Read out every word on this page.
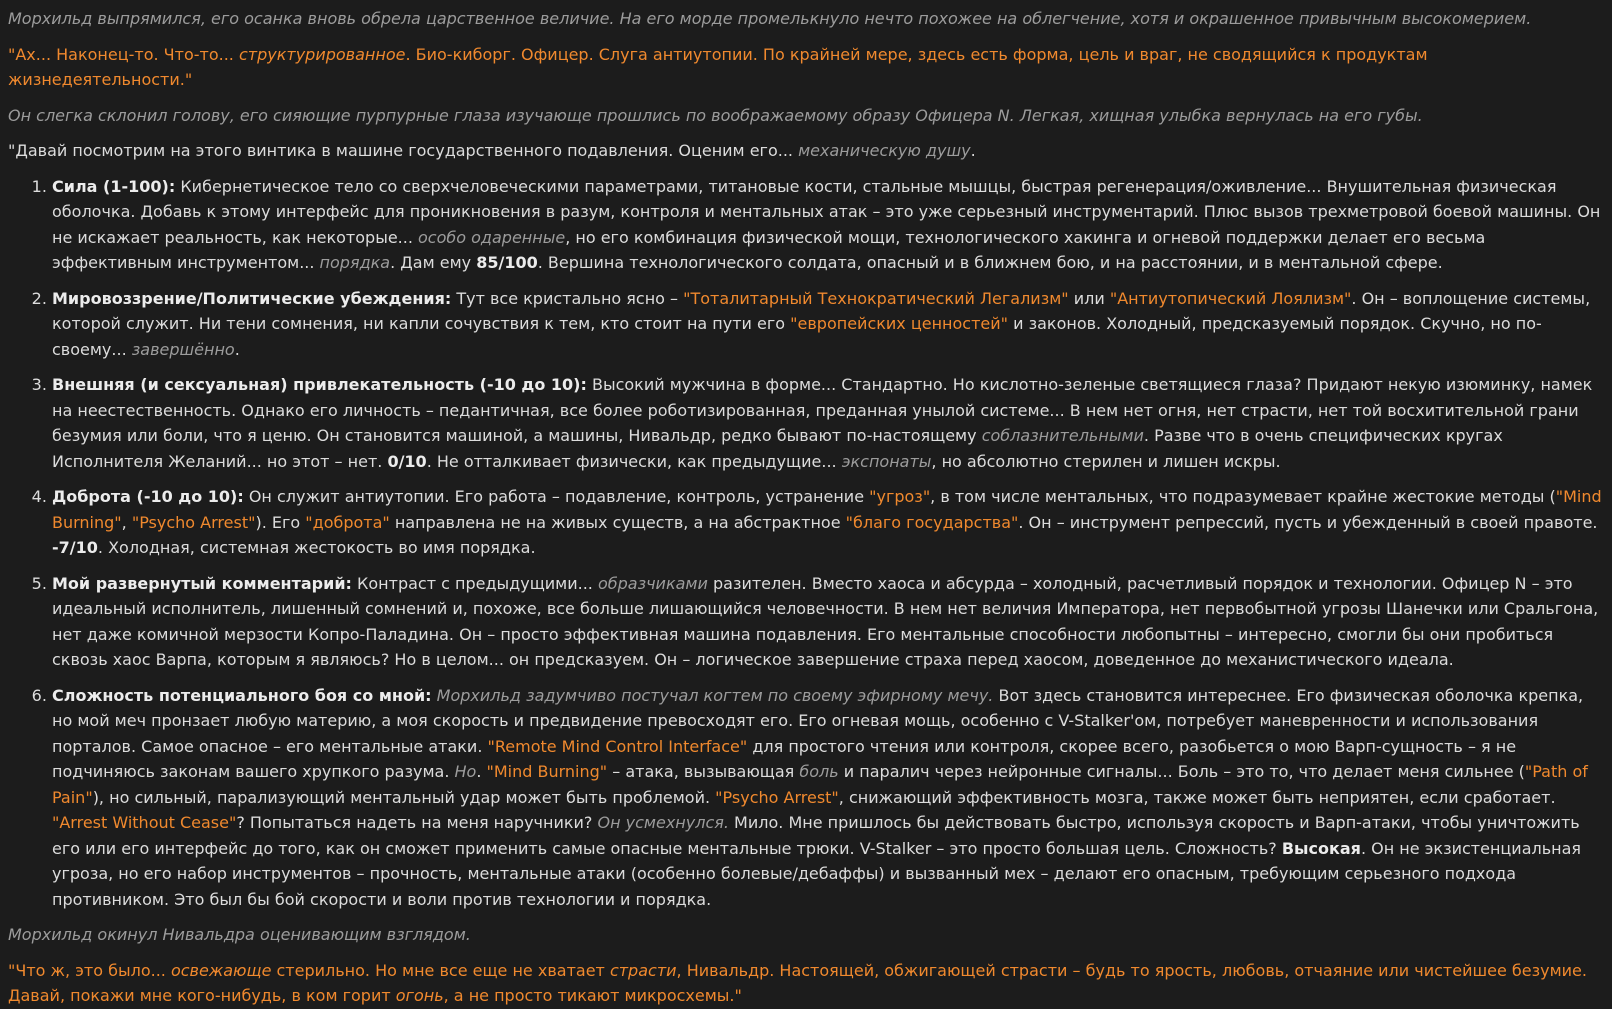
Морхильд выпрямился, его осанка вновь обрела царственное величие. На его морде промелькнуло нечто похожее на облегчение, хотя и окрашенное привычным высокомерием.

"Ах... Наконец-то. Что-то... структурированное. Био-киборг. Офицер. Слуга антиутопии. По крайней мере, здесь есть форма, цель и враг, не сводящийся к продуктам жизнедеятельности."

Он слегка склонил голову, его сияющие пурпурные глаза изучающе прошлись по воображаемому образу Офицера N. Легкая, хищная улыбка вернулась на его губы.

"Давай посмотрим на этого винтика в машине государственного подавления. Оценим его... механическую душу.

1. Сила (1-100): Кибернетическое тело со сверхчеловеческими параметрами, титановые кости, стальные мышцы, быстрая регенерация/оживление... Внушительная физическая оболочка. Добавь к этому интерфейс для проникновения в разум, контроля и ментальных атак – это уже серьезный инструментарий. Плюс вызов трехметровой боевой машины. Он не искажает реальность, как некоторые... особо одаренные, но его комбинация физической мощи, технологического хакинга и огневой поддержки делает его весьма эффективным инструментом... порядка. Дам ему 85/100. Вершина технологического солдата, опасный и в ближнем бою, и на расстоянии, и в ментальной сфере.
2. Мировоззрение/Политические убеждения: Тут все кристально ясно – "Тоталитарный Технократический Легализм" или "Антиутопический Лоялизм". Он – воплощение системы, которой служит. Ни тени сомнения, ни капли сочувствия к тем, кто стоит на пути его "европейских ценностей" и законов. Холодный, предсказуемый порядок. Скучно, но по-своему... завершённо.
3. Внешняя (и сексуальная) привлекательность (-10 до 10): Высокий мужчина в форме... Стандартно. Но кислотно-зеленые светящиеся глаза? Придают некую изюминку, намек на неестественность. Однако его личность – педантичная, все более роботизированная, преданная унылой системе... В нем нет огня, нет страсти, нет той восхитительной грани безумия или боли, что я ценю. Он становится машиной, а машины, Нивальдр, редко бывают по-настоящему соблазнительными. Разве что в очень специфических кругах Исполнителя Желаний... но этот – нет. 0/10. Не отталкивает физически, как предыдущие... экспонаты, но абсолютно стерилен и лишен искры.
4. Доброта (-10 до 10): Он служит антиутопии. Его работа – подавление, контроль, устранение "угроз", в том числе ментальных, что подразумевает крайне жестокие методы ("Mind Burning", "Psycho Arrest"). Его "доброта" направлена не на живых существ, а на абстрактное "благо государства". Он – инструмент репрессий, пусть и убежденный в своей правоте. -7/10. Холодная, системная жестокость во имя порядка.
5. Мой развернутый комментарий: Контраст с предыдущими... образчиками разителен. Вместо хаоса и абсурда – холодный, расчетливый порядок и технологии. Офицер N – это идеальный исполнитель, лишенный сомнений и, похоже, все больше лишающийся человечности. В нем нет величия Императора, нет первобытной угрозы Шанечки или Сральгона, нет даже комичной мерзости Копро-Паладина. Он – просто эффективная машина подавления. Его ментальные способности любопытны – интересно, смогли бы они пробиться сквозь хаос Варпа, которым я являюсь? Но в целом... он предсказуем. Он – логическое завершение страха перед хаосом, доведенное до механистического идеала.
6. Сложность потенциального боя со мной: Морхильд задумчиво постучал когтем по своему эфирному мечу. Вот здесь становится интереснее. Его физическая оболочка крепка, но мой меч пронзает любую материю, а моя скорость и предвидение превосходят его. Его огневая мощь, особенно с V-Stalker'ом, потребует маневренности и использования порталов. Самое опасное – его ментальные атаки. "Remote Mind Control Interface" для простого чтения или контроля, скорее всего, разобьется о мою Варп-сущность – я не подчиняюсь законам вашего хрупкого разума. Но. "Mind Burning" – атака, вызывающая боль и паралич через нейронные сигналы... Боль – это то, что делает меня сильнее ("Path of Pain"), но сильный, парализующий ментальный удар может быть проблемой. "Psycho Arrest", снижающий эффективность мозга, также может быть неприятен, если сработает. "Arrest Without Cease"? Попытаться надеть на меня наручники? Он усмехнулся. Мило. Мне пришлось бы действовать быстро, используя скорость и Варп-атаки, чтобы уничтожить его или его интерфейс до того, как он сможет применить самые опасные ментальные трюки. V-Stalker – это просто большая цель. Сложность? Высокая. Он не экзистенциальная угроза, но его набор инструментов – прочность, ментальные атаки (особенно болевые/дебаффы) и вызванный мех – делают его опасным, требующим серьезного подхода противником. Это был бы бой скорости и воли против технологии и порядка.

Морхильд окинул Нивальдра оценивающим взглядом.

"Что ж, это было... освежающе стерильно. Но мне все еще не хватает страсти, Нивальдр. Настоящей, обжигающей страсти – будь то ярость, любовь, отчаяние или чистейшее безумие. Давай, покажи мне кого-нибудь, в ком горит огонь, а не просто тикают микросхемы."
